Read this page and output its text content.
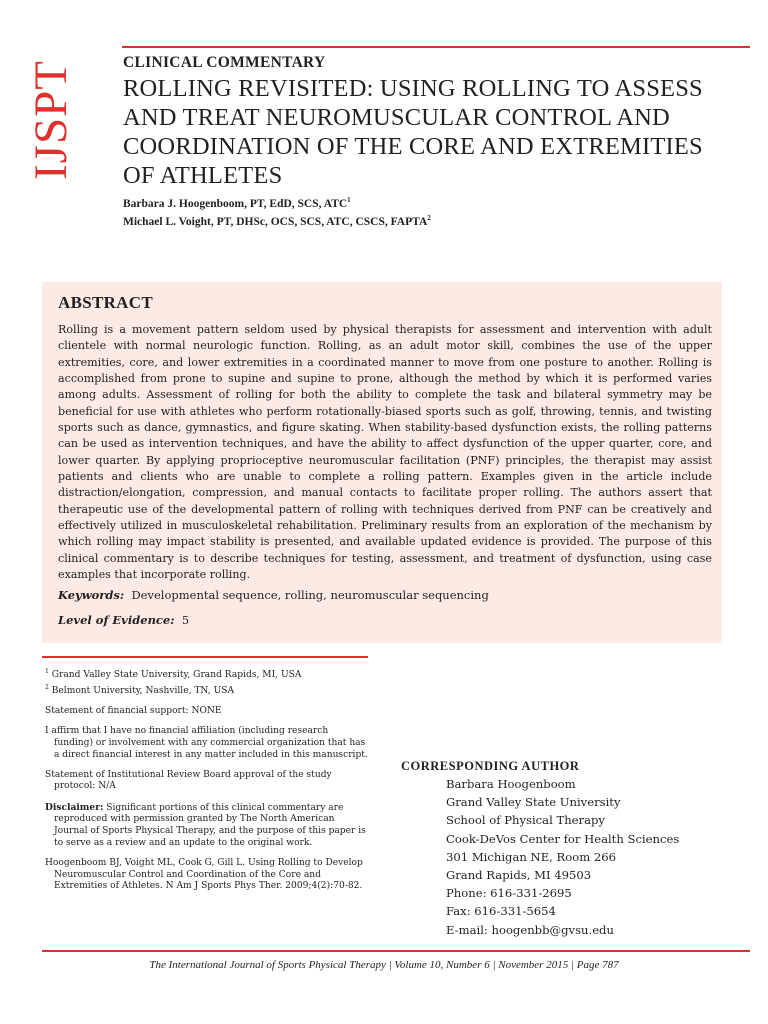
IJSPT	CLINICAL COMMENTARY
ROLLING REVISITED: USING ROLLING TO ASSESS
AND TREAT NEUROMUSCULAR CONTROL AND
COORDINATION OF THE CORE AND EXTREMITIES
OF ATHLETES
Barbara J. Hoogenboom, PT, EdD, SCS, ATC$^1$
Michael L. Voight, PT, DHSc, OCS, SCS, ATC, CSCS, FAPTA$^2$
ABSTRACT

Rolling is a movement pattern seldom used by physical therapists for assessment and intervention with adult clientele with normal neurologic function. Rolling, as an adult motor skill, combines the use of the upper extremities, core, and lower extremities in a coordinated manner to move from one posture to another. Rolling is accomplished from prone to supine and supine to prone, although the method by which it is performed varies among adults. Assessment of rolling for both the ability to complete the task and bilateral symmetry may be beneficial for use with athletes who perform rotationally-biased sports such as golf, throwing, tennis, and twisting sports such as dance, gymnastics, and figure skating. When stability-based dysfunction exists, the rolling patterns can be used as intervention techniques, and have the ability to affect dysfunction of the upper quarter, core, and lower quarter. By applying proprioceptive neuromuscular facilitation (PNF) principles, the therapist may assist patients and clients who are unable to complete a rolling pattern. Examples given in the article include distraction/elongation, compression, and manual contacts to facilitate proper rolling. The authors assert that therapeutic use of the developmental pattern of rolling with techniques derived from PNF can be creatively and effectively utilized in musculoskeletal rehabilitation. Preliminary results from an exploration of the mechanism by which rolling may impact stability is presented, and available updated evidence is provided. The purpose of this clinical commentary is to describe techniques for testing, assessment, and treatment of dysfunction, using case examples that incorporate rolling.

Keywords: Developmental sequence, rolling, neuromuscular sequencing
Level of Evidence: 5

$^1$ Grand Valley State University, Grand Rapids, MI, USA

$^2$ Belmont University, Nashville, TN, USA

Statement of financial support: NONE

I affirm that I have no financial affiliation (including research funding) or involvement with any commercial organization that has a direct financial interest in any matter included in this manuscript.

Statement of Institutional Review Board approval of the study protocol: N/A

Disclaimer: Significant portions of this clinical commentary are reproduced with permission granted by The North American Journal of Sports Physical Therapy, and the purpose of this paper is to serve as a review and an update to the original work.

Hoogenboom BJ, Voight ML, Cook G, Gill L. Using Rolling to Develop Neuromuscular Control and Coordination of the Core and Extremities of Athletes. N Am J Sports Phys Ther. 2009;4(2):70-82.

CORRESPONDING AUTHOR
Barbara Hoogenboom
Grand Valley State University
School of Physical Therapy
Cook-DeVos Center for Health Sciences
301 Michigan NE, Room 266
Grand Rapids, MI 49503
Phone: 616-331-2695
Fax: 616-331-5654
E-mail: hoogenbb@gvsu.edu
The International Journal of Sports Physical Therapy | Volume 10, Number 6 | November 2015 | Page 787
